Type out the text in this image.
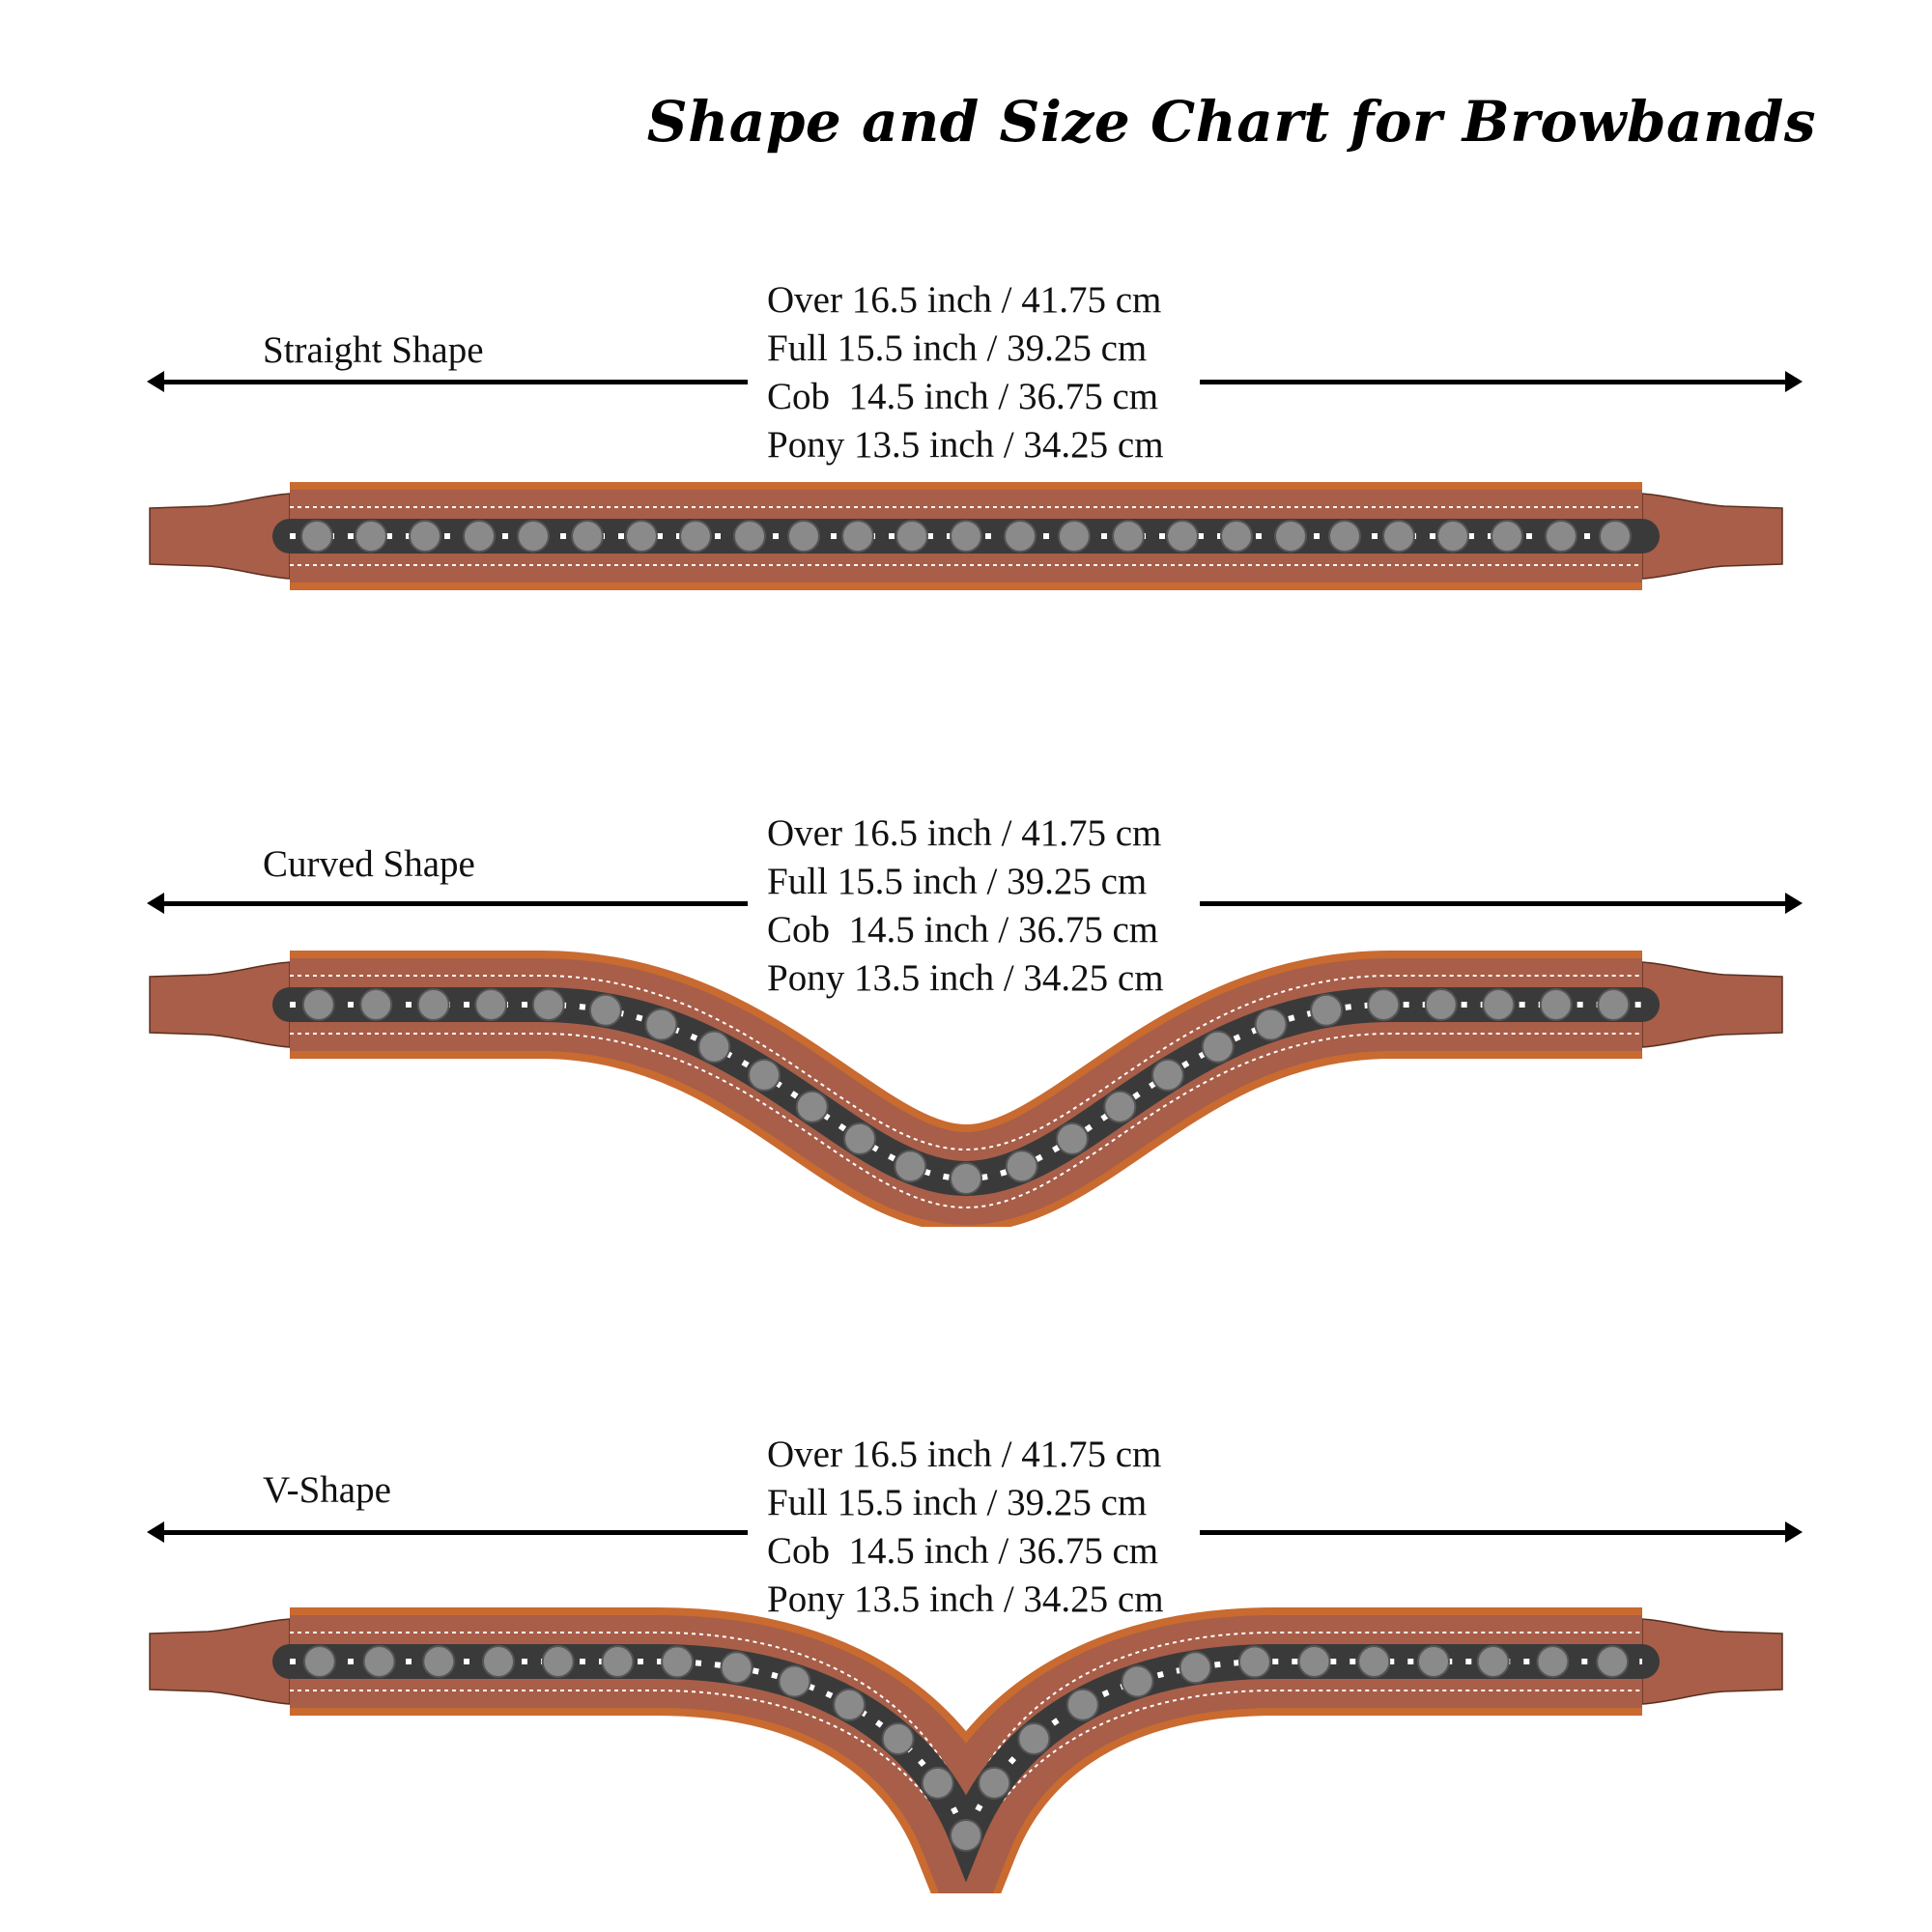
Shape and Size Chart for Browbands
Straight Shape
Over 16.5 inch / 41.75 cm
Full 15.5 inch / 39.25 cm
Cob  14.5 inch / 36.75 cm
Pony 13.5 inch / 34.25 cm
Curved Shape
Over 16.5 inch / 41.75 cm
Full 15.5 inch / 39.25 cm
Cob  14.5 inch / 36.75 cm
Pony 13.5 inch / 34.25 cm
V-Shape
Over 16.5 inch / 41.75 cm
Full 15.5 inch / 39.25 cm
Cob  14.5 inch / 36.75 cm
Pony 13.5 inch / 34.25 cm
